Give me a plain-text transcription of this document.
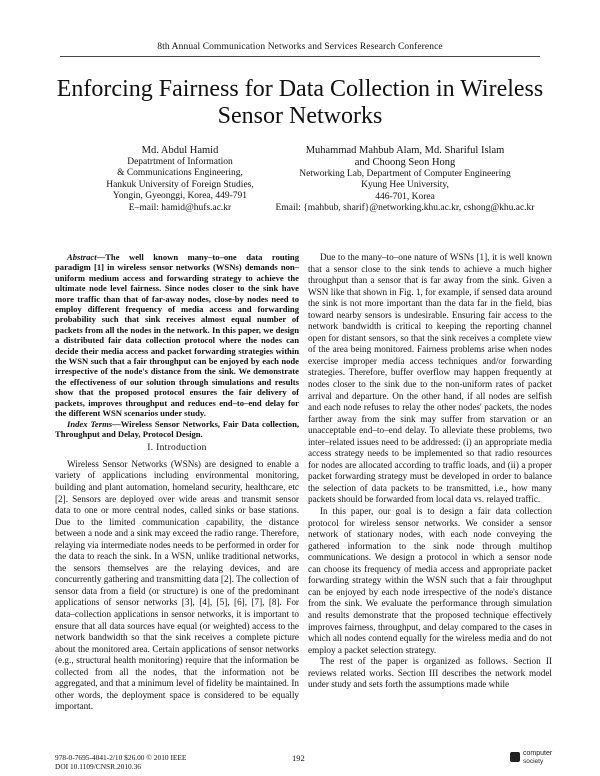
8th Annual Communication Networks and Services Research Conference
Enforcing Fairness for Data Collection in Wireless Sensor Networks
Md. Abdul Hamid
Depatrtment of Information
& Communications Engineering,
Hankuk University of Foreign Studies,
Yongin, Gyeonggi, Korea, 449-791
E–mail: hamid@hufs.ac.kr
Muhammad Mahbub Alam, Md. Shariful Islam
and Choong Seon Hong
Networking Lab, Department of Computer Engineering
Kyung Hee University,
446-701, Korea
Email: {mahbub, sharif}@networking.khu.ac.kr, cshong@khu.ac.kr

Abstract—The well known many–to–one data routing paradigm [1] in wireless sensor networks (WSNs) demands non–uniform medium access and forwarding strategy to achieve the ultimate node level fairness. Since nodes closer to the sink have more traffic than that of far-away nodes, close-by nodes need to employ different frequency of media access and forwarding probability such that sink receives almost equal number of packets from all the nodes in the network. In this paper, we design a distributed fair data collection protocol where the nodes can decide their media access and packet forwarding strategies within the WSN such that a fair throughput can be enjoyed by each node irrespective of the node's distance from the sink. We demonstrate the effectiveness of our solution through simulations and results show that the proposed protocol ensures the fair delivery of packets, improves throughput and reduces end–to–end delay for the different WSN scenarios under study.

Index Terms—Wireless Sensor Networks, Fair Data collection, Throughput and Delay, Protocol Design.

I. Introduction

Wireless Sensor Networks (WSNs) are designed to enable a variety of applications including environmental monitoring, building and plant automation, homeland security, healthcare, etc [2]. Sensors are deployed over wide areas and transmit sensor data to one or more central nodes, called sinks or base stations. Due to the limited communication capability, the distance between a node and a sink may exceed the radio range. Therefore, relaying via intermediate nodes needs to be performed in order for the data to reach the sink. In a WSN, unlike traditional networks, the sensors themselves are the relaying devices, and are concurrently gathering and transmitting data [2]. The collection of sensor data from a field (or structure) is one of the predominant applications of sensor networks [3], [4], [5], [6], [7], [8]. For data–collection applications in sensor networks, it is important to ensure that all data sources have equal (or weighted) access to the network bandwidth so that the sink receives a complete picture about the monitored area. Certain applications of sensor networks (e.g., structural health monitoring) require that the information be collected from all the nodes, that the information not be aggregated, and that a minimum level of fidelity be maintained. In other words, the deployment space is considered to be equally important.

Due to the many–to–one nature of WSNs [1], it is well known that a sensor close to the sink tends to achieve a much higher throughput than a sensor that is far away from the sink. Given a WSN like that shown in Fig. 1, for example, if sensed data around the sink is not more important than the data far in the field, bias toward nearby sensors is undesirable. Ensuring fair access to the network bandwidth is critical to keeping the reporting channel open for distant sensors, so that the sink receives a complete view of the area being monitored. Fairness problems arise when nodes exercise improper media access techniques and/or forwarding strategies. Therefore, buffer overflow may happen frequently at nodes closer to the sink due to the non-uniform rates of packet arrival and departure. On the other hand, if all nodes are selfish and each node refuses to relay the other nodes' packets, the nodes farther away from the sink may suffer from starvation or an unacceptable end–to–end delay. To alleviate these problems, two inter–related issues need to be addressed: (i) an appropriate media access strategy needs to be implemented so that radio resources for nodes are allocated according to traffic loads, and (ii) a proper packet forwarding strategy must be developed in order to balance the selection of data packets to be transmitted, i.e., how many packets should be forwarded from local data vs. relayed traffic.

In this paper, our goal is to design a fair data collection protocol for wireless sensor networks. We consider a sensor network of stationary nodes, with each node conveying the gathered information to the sink node through multihop communications. We design a protocol in which a sensor node can choose its frequency of media access and appropriate packet forwarding strategy within the WSN such that a fair throughput can be enjoyed by each node irrespective of the node's distance from the sink. We evaluate the performance through simulation and results demonstrate that the proposed technique effectively improves fairness, throughput, and delay compared to the cases in which all nodes contend equally for the wireless media and do not employ a packet selection strategy.

The rest of the paper is organized as follows. Section II reviews related works. Section III describes the network model under study and sets forth the assumptions made while

978-0-7695-4041-2/10 $26.00 © 2010 IEEE
DOI 10.1109/CNSR.2010.36
192	computer
society
